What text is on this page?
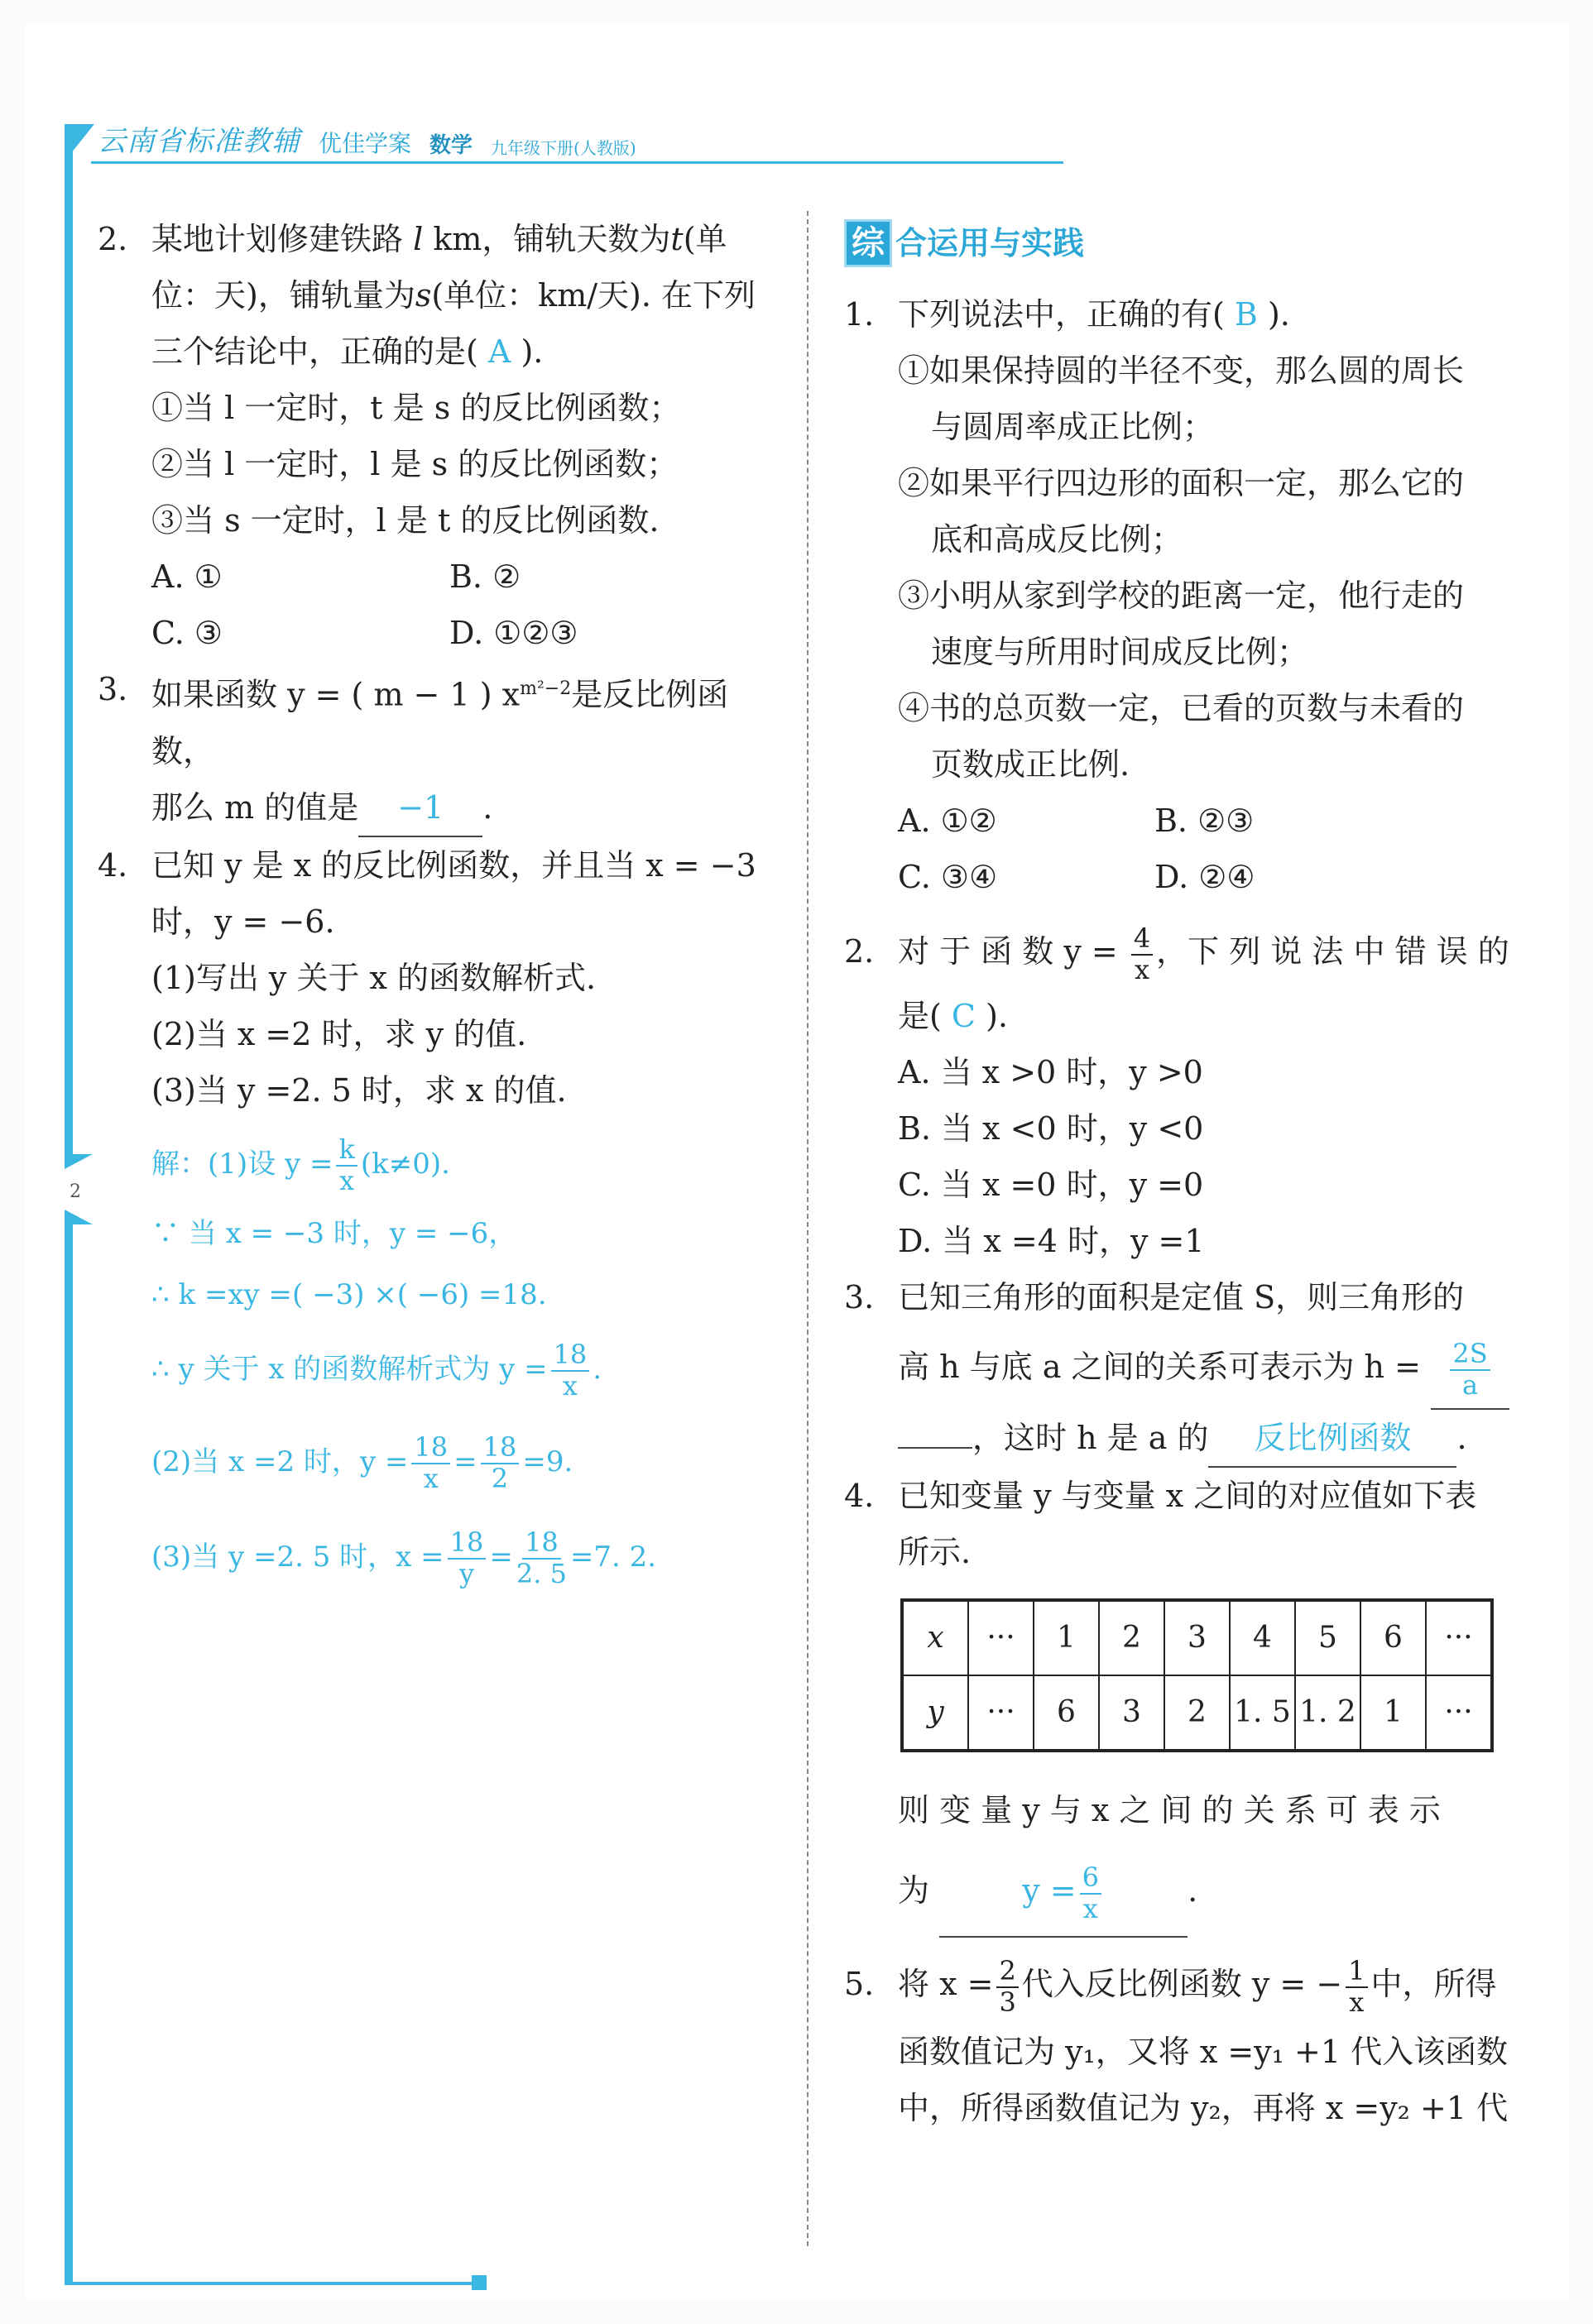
2
云南省标准教辅 优佳学案 数学 九年级下册(人教版)
2. 某地计划修建铁路 l km，铺轨天数为t(单位：天)，铺轨量为s(单位：km/天). 在下列三个结论中，正确的是( A ).
①当 l 一定时，t 是 s 的反比例函数；
②当 l 一定时，l 是 s 的反比例函数；
③当 s 一定时，l 是 t 的反比例函数.
A. ①	B. ②
C. ③	D. ①②③
3. 如果函数 y = ( m − 1 ) $x^{m^2-2}$是反比例函数，
那么 m 的值是 −1 .
4. 已知 y 是 x 的反比例函数，并且当 x = −3
时，y = −6.
(1)写出 y 关于 x 的函数解析式.
(2)当 x =2 时，求 y 的值.
(3)当 y =2. 5 时，求 x 的值.
解：(1)设 $y = \frac{k}{x} (k\ne 0)$.
∵ 当 x = −3 时，y = −6，
∴ k =xy =( −3) ×( −6) =18.
∴ y 关于 x 的函数解析式为 $y = \frac{18}{x}$ .
(2)当 x =2 时，$y = \frac{18}{x} = \frac{18}{2} =9$.
(3)当 y =2. 5 时，$x = \frac{18}{y} = \frac{18}{2. 5} =7$. 2.
综 合运用与实践
1. 下列说法中，正确的有( B ).
①如果保持圆的半径不变，那么圆的周长
与圆周率成正比例；
②如果平行四边形的面积一定，那么它的
底和高成反比例；
③小明从家到学校的距离一定，他行走的
速度与所用时间成反比例；
④书的总页数一定，已看的页数与未看的
页数成正比例.
A. ①②	B. ②③
C. ③④	D. ②④
2. 对 于 函 数 $y = \frac{4}{x}$ ，下 列 说 法 中 错 误 的
是( C ).
A. 当 x >0 时，y >0
B. 当 x <0 时，y <0
C. 当 x =0 时，y =0
D. 当 x =4 时，y =1
3. 已知三角形的面积是定值 S，则三角形的
高 h 与底 a 之间的关系可表示为 $h = \frac{2S}{a}$
，这时 h 是 a 的 反比例函数 .
4. 已知变量 y 与变量 x 之间的对应值如下表
所示.
x	···	1	2	3	4	5	6	···
y	···	6	3	2	1. 5	1. 2	1	···
则 变 量 y 与 x 之 间 的 关 系 可 表 示
为	$y = \frac{6}{x}$	.
5. 将 $x = \frac{2}{3}$ 代入反比例函数 y = − $\frac{1}{x}$ 中，所得
函数值记为 y₁，又将 x =y₁ +1 代入该函数
中，所得函数值记为 y₂，再将 x =y₂ +1 代
